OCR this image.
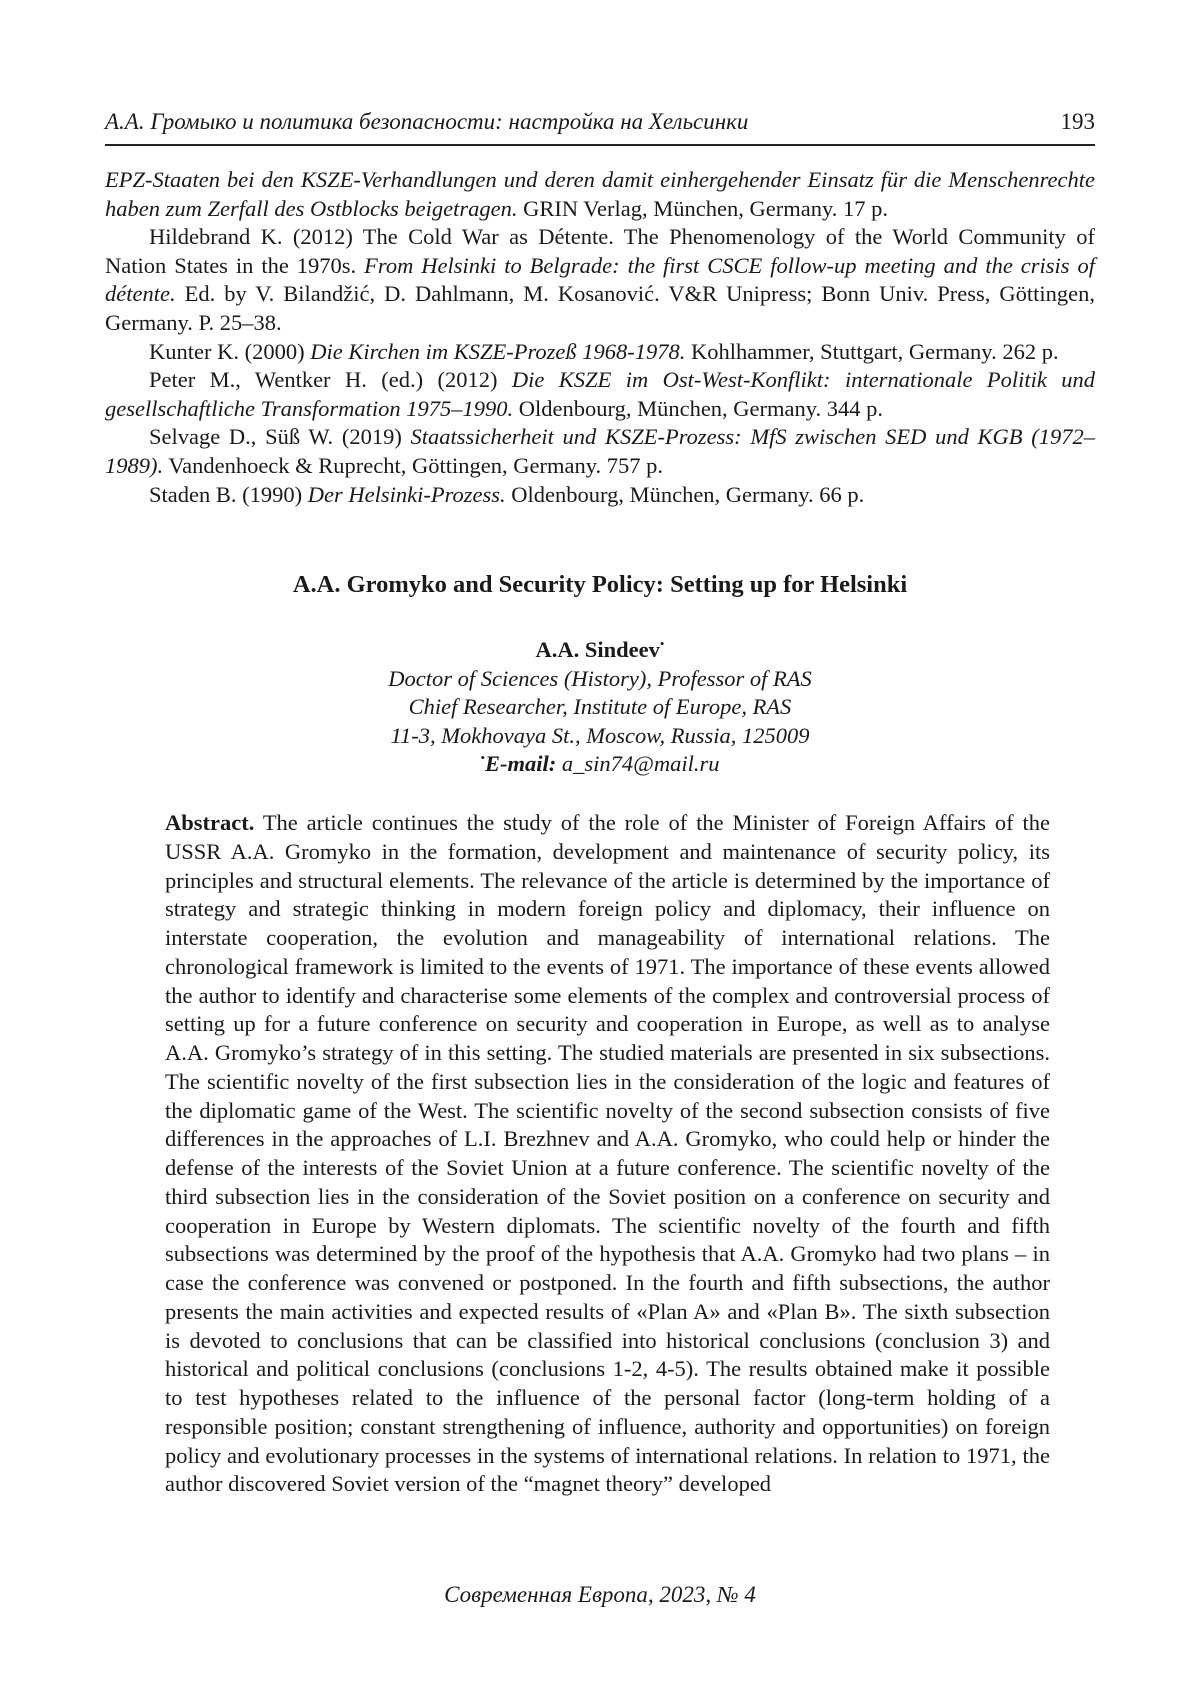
А.А. Громыко и политика безопасности: настройка на Хельсинки	193

EPZ-Staaten bei den KSZE-Verhandlungen und deren damit einhergehender Einsatz für die Menschenrechte haben zum Zerfall des Ostblocks beigetragen. GRIN Verlag, München, Germany. 17 p.

Hildebrand K. (2012) The Cold War as Détente. The Phenomenology of the World Community of Nation States in the 1970s. From Helsinki to Belgrade: the first CSCE follow-up meeting and the crisis of détente. Ed. by V. Bilandžić, D. Dahlmann, M. Kosanović. V&R Unipress; Bonn Univ. Press, Göttingen, Germany. P. 25–38.

Kunter K. (2000) Die Kirchen im KSZE-Prozeß 1968-1978. Kohlhammer, Stuttgart, Germany. 262 p.

Peter M., Wentker H. (ed.) (2012) Die KSZE im Ost-West-Konflikt: internationale Politik und gesellschaftliche Transformation 1975–1990. Oldenbourg, München, Germany. 344 p.

Selvage D., Süß W. (2019) Staatssicherheit und KSZE-Prozess: MfS zwischen SED und KGB (1972–1989). Vandenhoeck & Ruprecht, Göttingen, Germany. 757 p.

Staden B. (1990) Der Helsinki-Prozess. Oldenbourg, München, Germany. 66 p.

A.A. Gromyko and Security Policy: Setting up for Helsinki
A.A. Sindeev•
Doctor of Sciences (History), Professor of RAS
Chief Researcher, Institute of Europe, RAS
11-3, Mokhovaya St., Moscow, Russia, 125009
•E-mail: a_sin74@mail.ru

Abstract. The article continues the study of the role of the Minister of Foreign Affairs of the USSR A.A. Gromyko in the formation, development and maintenance of security policy, its principles and structural elements. The relevance of the article is determined by the importance of strategy and strategic thinking in modern foreign policy and diplomacy, their influence on interstate cooperation, the evolution and manageability of international relations. The chronological framework is limited to the events of 1971. The importance of these events allowed the author to identify and characterise some elements of the complex and controversial process of setting up for a future conference on security and cooperation in Europe, as well as to analyse A.A. Gromyko’s strategy of in this setting. The studied materials are presented in six subsections. The scientific novelty of the first subsection lies in the consideration of the logic and features of the diplomatic game of the West. The scientific novelty of the second subsection consists of five differences in the approaches of L.I. Brezhnev and A.A. Gromyko, who could help or hinder the defense of the interests of the Soviet Union at a future conference. The scientific novelty of the third subsection lies in the consideration of the Soviet position on a conference on security and cooperation in Europe by Western diplomats. The scientific novelty of the fourth and fifth subsections was determined by the proof of the hypothesis that A.A. Gromyko had two plans – in case the conference was convened or postponed. In the fourth and fifth subsections, the author presents the main activities and expected results of «Plan A» and «Plan B». The sixth subsection is devoted to conclusions that can be classified into historical conclusions (conclusion 3) and historical and political conclusions (conclusions 1-2, 4-5). The results obtained make it possible to test hypotheses related to the influence of the personal factor (long-term holding of a responsible position; constant strengthening of influence, authority and opportunities) on foreign policy and evolutionary processes in the systems of international relations. In relation to 1971, the author discovered Soviet version of the “magnet theory” developed

Современная Европа, 2023, № 4
